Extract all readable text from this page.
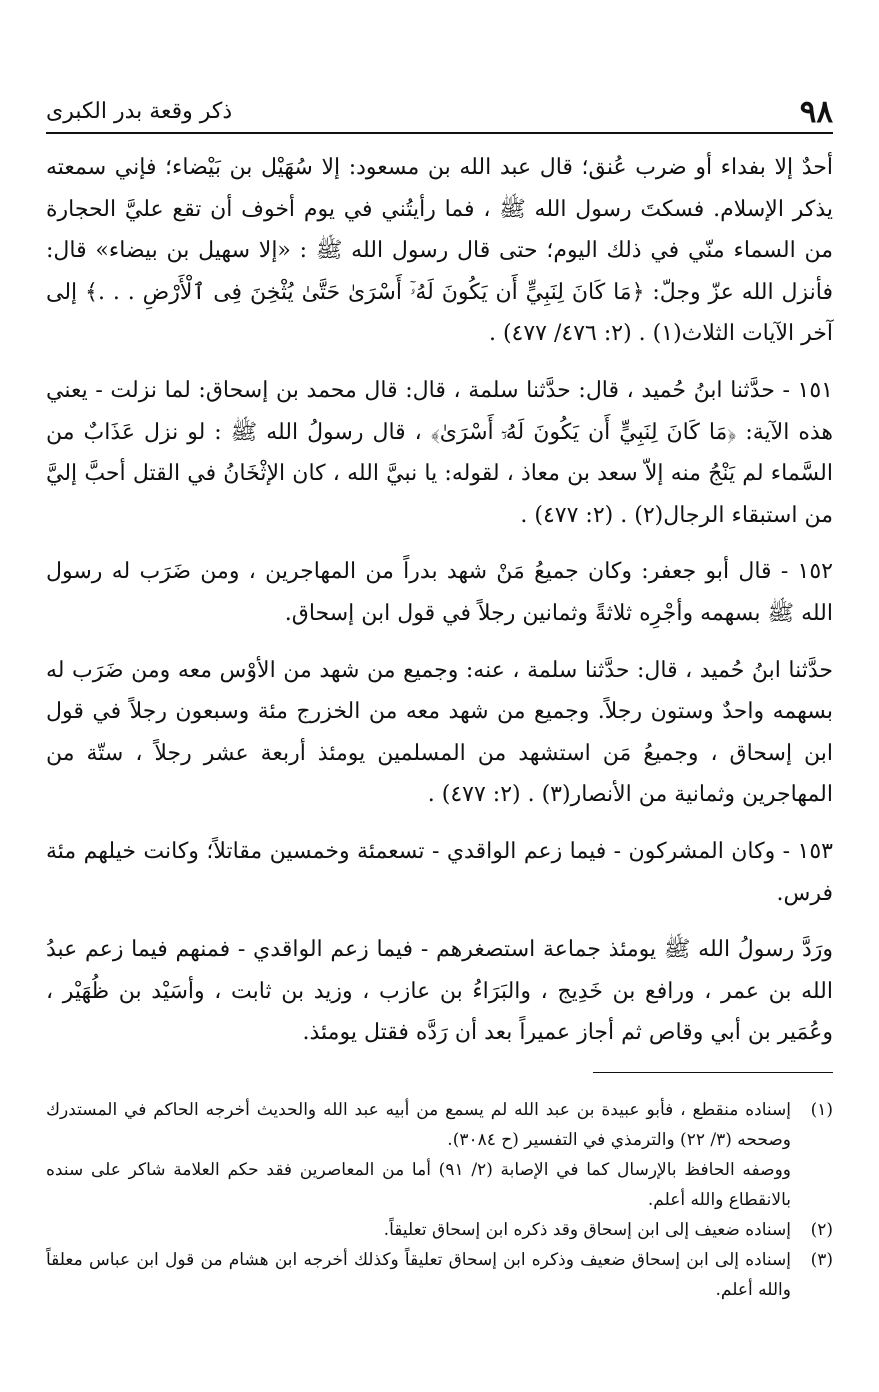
٩٨
ذكر وقعة بدر الكبرى

أحدٌ إلا بفداء أو ضرب عُنق؛ قال عبد الله بن مسعود: إلا سُهَيْل بن بَيْضاء؛ فإني سمعته يذكر الإسلام. فسكتَ رسول الله ﷺ ، فما رأيتُني في يوم أخوف أن تقع عليَّ الحجارة من السماء منّي في ذلك اليوم؛ حتى قال رسول الله ﷺ : «إلا سهيل بن بيضاء» قال: فأنزل الله عزّ وجلّ: ﴿مَا كَانَ لِنَبِيٍّ أَن يَكُونَ لَهُۥٓ أَسْرَىٰ حَتَّىٰ يُثْخِنَ فِى ٱلْأَرْضِ . . .﴾ إلى آخر الآيات الثلاث(١) . (٢: ٤٧٦/ ٤٧٧) .

١٥١ - حدَّثنا ابنُ حُميد ، قال: حدَّثنا سلمة ، قال: قال محمد بن إسحاق: لما نزلت - يعني هذه الآية: ﴿مَا كَانَ لِنَبِيٍّ أَن يَكُونَ لَهُۥٓ أَسْرَىٰ﴾ ، قال رسولُ الله ﷺ : لو نزل عَذَابٌ من السَّماء لم يَنْجُ منه إلاّ سعد بن معاذ ، لقوله: يا نبيَّ الله ، كان الإثْخَانُ في القتل أحبَّ إليَّ من استبقاء الرجال(٢) . (٢: ٤٧٧) .

١٥٢ - قال أبو جعفر: وكان جميعُ مَنْ شهد بدراً من المهاجرين ، ومن ضَرَب له رسول الله ﷺ بسهمه وأجْرِه ثلاثةً وثمانين رجلاً في قول ابن إسحاق.

حدَّثنا ابنُ حُميد ، قال: حدَّثنا سلمة ، عنه: وجميع من شهد من الأوْس معه ومن ضَرَب له بسهمه واحدٌ وستون رجلاً. وجميع من شهد معه من الخزرج مئة وسبعون رجلاً في قول ابن إسحاق ، وجميعُ مَن استشهد من المسلمين يومئذ أربعة عشر رجلاً ، ستّة من المهاجرين وثمانية من الأنصار(٣) . (٢: ٤٧٧) .

١٥٣ - وكان المشركون - فيما زعم الواقدي - تسعمئة وخمسين مقاتلاً؛ وكانت خيلهم مئة فرس.

ورَدَّ رسولُ الله ﷺ يومئذ جماعة استصغرهم - فيما زعم الواقدي - فمنهم فيما زعم عبدُ الله بن عمر ، ورافع بن خَدِيج ، والبَرَاءُ بن عازب ، وزيد بن ثابت ، وأسَيْد بن ظُهَيْر ، وعُمَير بن أبي وقاص ثم أجاز عميراً بعد أن رَدَّه فقتل يومئذ.

(١)
إسناده منقطع ، فأبو عبيدة بن عبد الله لم يسمع من أبيه عبد الله والحديث أخرجه الحاكم في المستدرك وصححه (٣/ ٢٢) والترمذي في التفسير (ح ٣٠٨٤).

ووصفه الحافظ بالإرسال كما في الإصابة (٢/ ٩١) أما من المعاصرين فقد حكم العلامة شاكر على سنده بالانقطاع والله أعلم.

(٢)
إسناده ضعيف إلى ابن إسحاق وقد ذكره ابن إسحاق تعليقاً.
(٣)
إسناده إلى ابن إسحاق ضعيف وذكره ابن إسحاق تعليقاً وكذلك أخرجه ابن هشام من قول ابن عباس معلقاً والله أعلم.
